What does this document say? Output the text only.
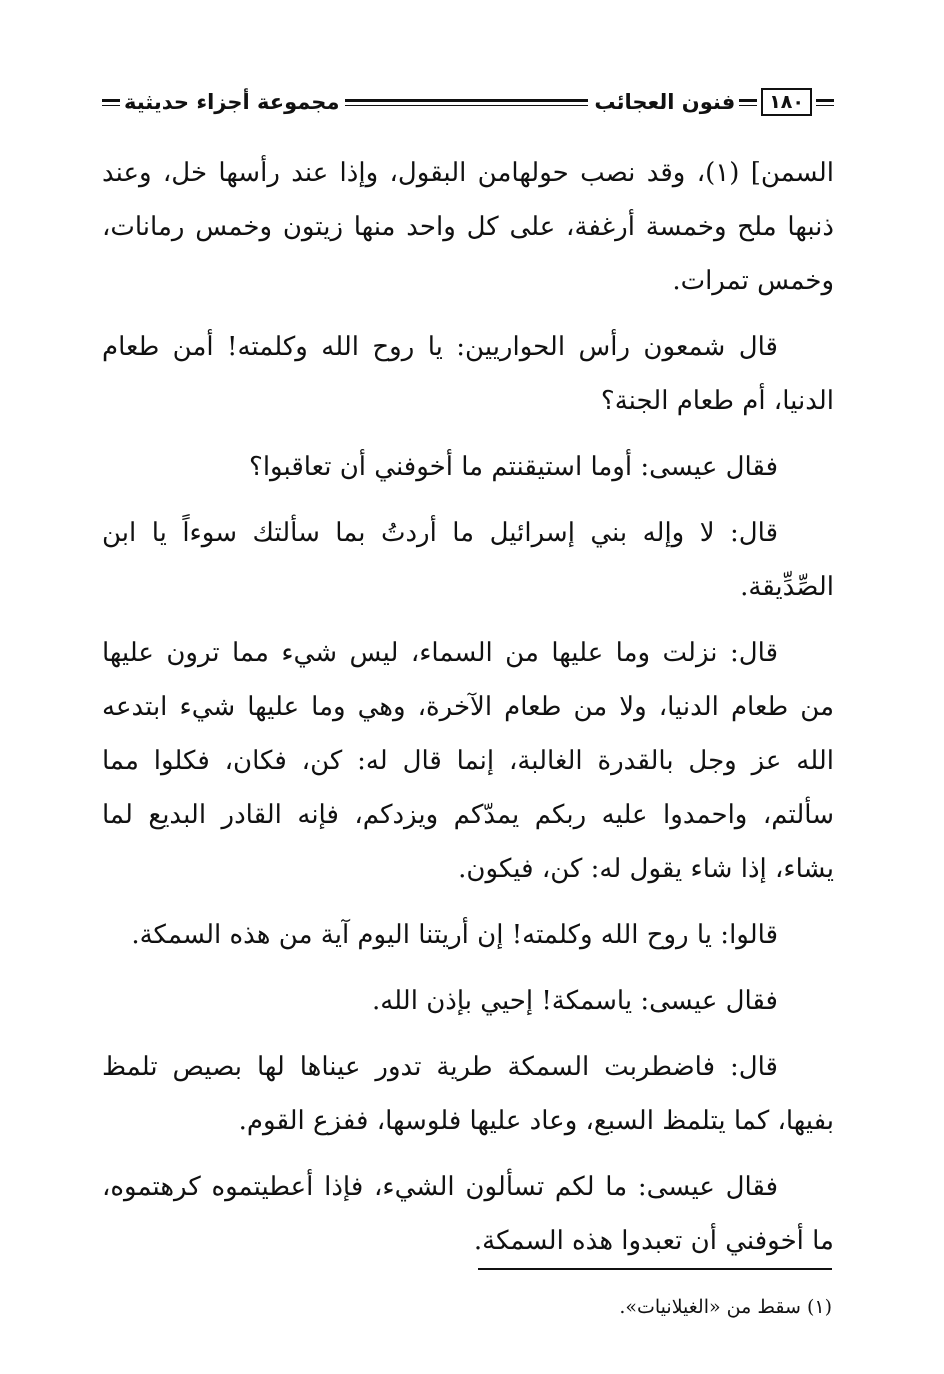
١٨٠
فنون العجائب
مجموعة أجزاء حديثية

السمن] (١)، وقد نصب حولهامن البقول، وإذا عند رأسها خل، وعند ذنبها ملح وخمسة أرغفة، على كل واحد منها زيتون وخمس رمانات، وخمس تمرات.

قال شمعون رأس الحواريين: يا روح الله وكلمته! أمن طعام الدنيا، أم طعام الجنة؟

فقال عيسى: أوما استيقنتم ما أخوفني أن تعاقبوا؟

قال: لا وإله بني إسرائيل ما أردتُ بما سألتك سوءاً يا ابن الصِّدِّيقة.

قال: نزلت وما عليها من السماء، ليس شيء مما ترون عليها من طعام الدنيا، ولا من طعام الآخرة، وهي وما عليها شيء ابتدعه الله عز وجل بالقدرة الغالبة، إنما قال له: كن، فكان، فكلوا مما سألتم، واحمدوا عليه ربكم يمدّكم ويزدكم، فإنه القادر البديع لما يشاء، إذا شاء يقول له: كن، فيكون.

قالوا: يا روح الله وكلمته! إن أريتنا اليوم آية من هذه السمكة.

فقال عيسى: ياسمكة! إحيي بإذن الله.

قال: فاضطربت السمكة طرية تدور عيناها لها بصيص تلمظ بفيها، كما يتلمظ السبع، وعاد عليها فلوسها، ففزع القوم.

فقال عيسى: ما لكم تسألون الشيء، فإذا أعطيتموه كرهتموه، ما أخوفني أن تعبدوا هذه السمكة.

(١) سقط من «الغيلانيات».
